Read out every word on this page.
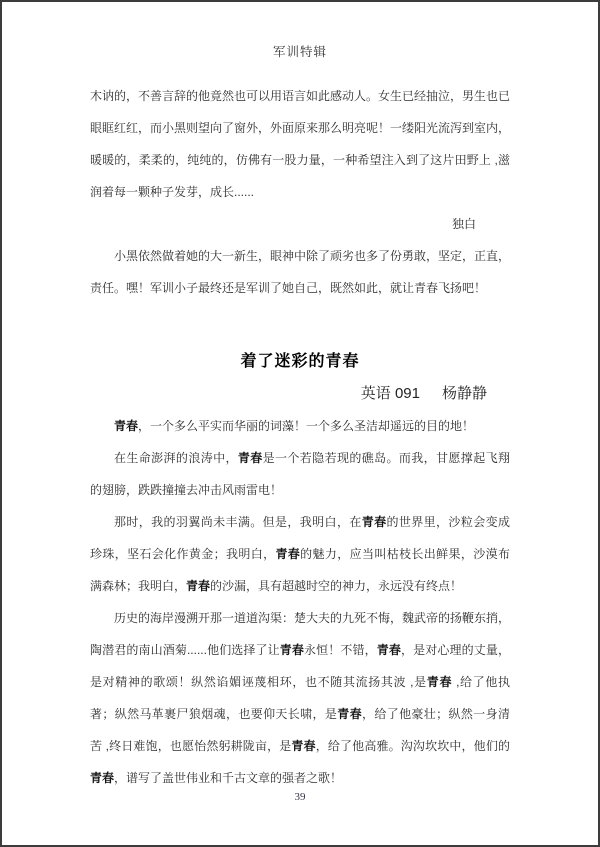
军训特辑

木讷的，不善言辞的他竟然也可以用语言如此感动人。女生已经抽泣，男生也已眼眶红红，而小黑则望向了窗外，外面原来那么明亮呢！一缕阳光流泻到室内，暖暖的，柔柔的，纯纯的，仿佛有一股力量，一种希望注入到了这片田野上 ,滋润着每一颗种子发芽，成长......

独白

小黑依然做着她的大一新生，眼神中除了顽劣也多了份勇敢，坚定，正直，责任。嘿！军训小子最终还是军训了她自己，既然如此，就让青春飞扬吧！

着了迷彩的青春
英语 091 杨静静

青春，一个多么平实而华丽的词藻！一个多么圣洁却遥远的目的地！

在生命澎湃的浪涛中，青春是一个若隐若现的礁岛。而我，甘愿撑起飞翔的翅膀，跌跌撞撞去冲击风雨雷电！

那时，我的羽翼尚未丰满。但是，我明白，在青春的世界里，沙粒会变成珍珠，坚石会化作黄金；我明白，青春的魅力，应当叫枯枝长出鲜果，沙漠布满森林；我明白，青春的沙漏，具有超越时空的神力，永远没有终点！

历史的海岸漫溯开那一道道沟渠：楚大夫的九死不悔，魏武帝的扬鞭东捎，陶潜君的南山酒菊......他们选择了让青春永恒！不错，青春，是对心理的丈量，是对精神的歌颂！纵然谄媚诬蔑相环，也不随其流扬其波 ,是青春 ,给了他执著；纵然马革裹尸狼烟魂，也要仰天长啸，是青春，给了他豪壮；纵然一身清苦 ,终日难饱，也愿怡然躬耕陇亩，是青春，给了他高雅。沟沟坎坎中，他们的青春，谱写了盖世伟业和千古文章的强者之歌！

39
